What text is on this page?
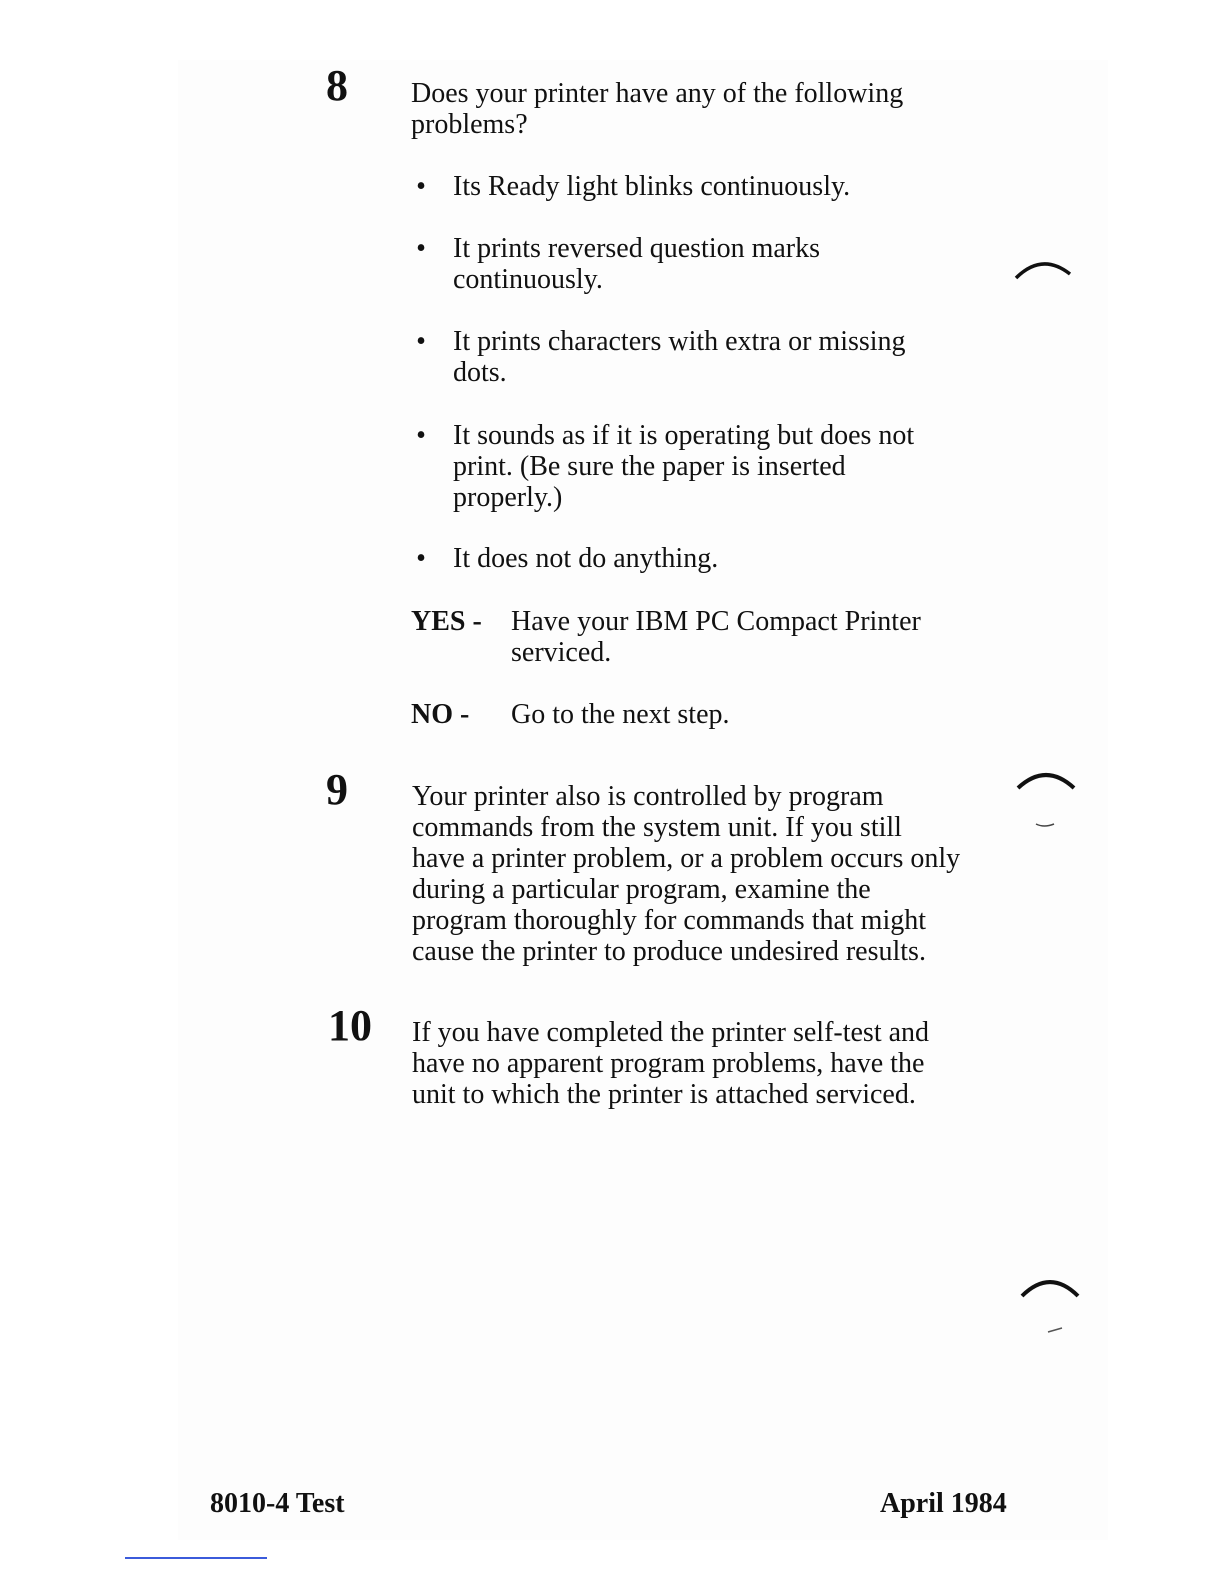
8 Does your printer have any of the following
problems?
• Its Ready light blinks continuously.
• It prints reversed question marks
continuously.
• It prints characters with extra or missing
dots.
• It sounds as if it is operating but does not
print. (Be sure the paper is inserted
properly.)
• It does not do anything.
YES - Have your IBM PC Compact Printer
serviced.
NO - Go to the next step.
9 Your printer also is controlled by program
commands from the system unit. If you still
have a printer problem, or a problem occurs only
during a particular program, examine the
program thoroughly for commands that might
cause the printer to produce undesired results.
10 If you have completed the printer self-test and
have no apparent program problems, have the
unit to which the printer is attached serviced.
8010-4 Test	April 1984
